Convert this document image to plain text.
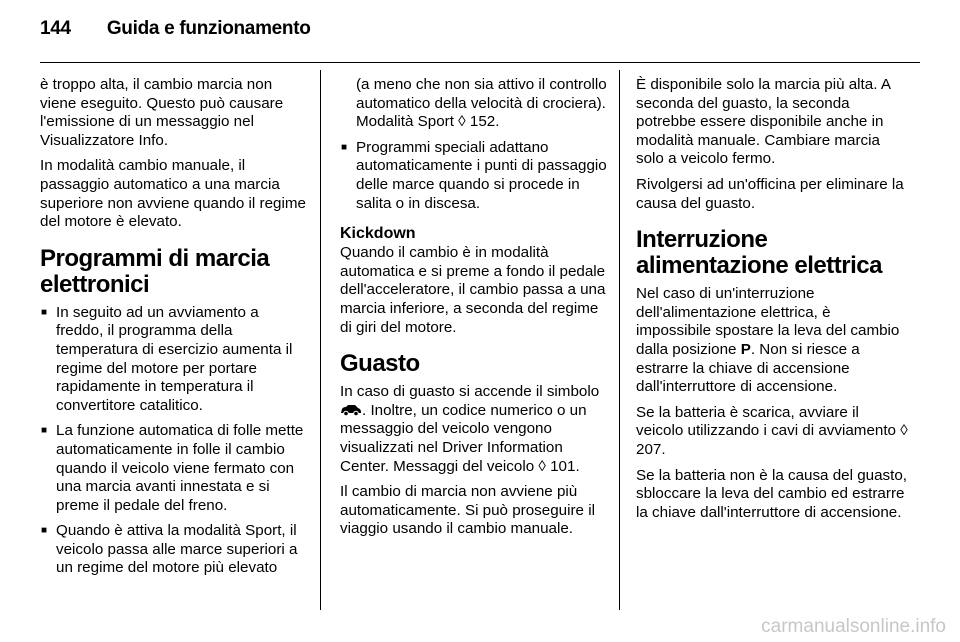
144 Guida e funzionamento

è troppo alta, il cambio marcia non viene eseguito. Questo può causare l'emissione di un messaggio nel Visualizzatore Info.

In modalità cambio manuale, il passaggio automatico a una marcia superiore non avviene quando il regime del motore è elevato.

Programmi di marcia elettronici
■ In seguito ad un avviamento a freddo, il programma della temperatura di esercizio aumenta il regime del motore per portare rapidamente in temperatura il convertitore catalitico.
■ La funzione automatica di folle mette automaticamente in folle il cambio quando il veicolo viene fermato con una marcia avanti innestata e si preme il pedale del freno.
■ Quando è attiva la modalità Sport, il veicolo passa alle marce superiori a un regime del motore più elevato
(a meno che non sia attivo il controllo automatico della velocità di crociera). Modalità Sport ◊ 152.
■ Programmi speciali adattano automaticamente i punti di passaggio delle marce quando si procede in salita o in discesa.
Kickdown

Quando il cambio è in modalità automatica e si preme a fondo il pedale dell'acceleratore, il cambio passa a una marcia inferiore, a seconda del regime di giri del motore.

Guasto

In caso di guasto si accende il simbolo . Inoltre, un codice numerico o un messaggio del veicolo vengono visualizzati nel Driver Information Center. Messaggi del veicolo ◊ 101.

Il cambio di marcia non avviene più automaticamente. Si può proseguire il viaggio usando il cambio manuale.

È disponibile solo la marcia più alta. A seconda del guasto, la seconda potrebbe essere disponibile anche in modalità manuale. Cambiare marcia solo a veicolo fermo.

Rivolgersi ad un'officina per eliminare la causa del guasto.

Interruzione alimentazione elettrica

Nel caso di un'interruzione dell'alimentazione elettrica, è impossibile spostare la leva del cambio dalla posizione P. Non si riesce a estrarre la chiave di accensione dall'interruttore di accensione.

Se la batteria è scarica, avviare il veicolo utilizzando i cavi di avviamento ◊ 207.

Se la batteria non è la causa del guasto, sbloccare la leva del cambio ed estrarre la chiave dall'interruttore di accensione.

carmanualsonline.info
